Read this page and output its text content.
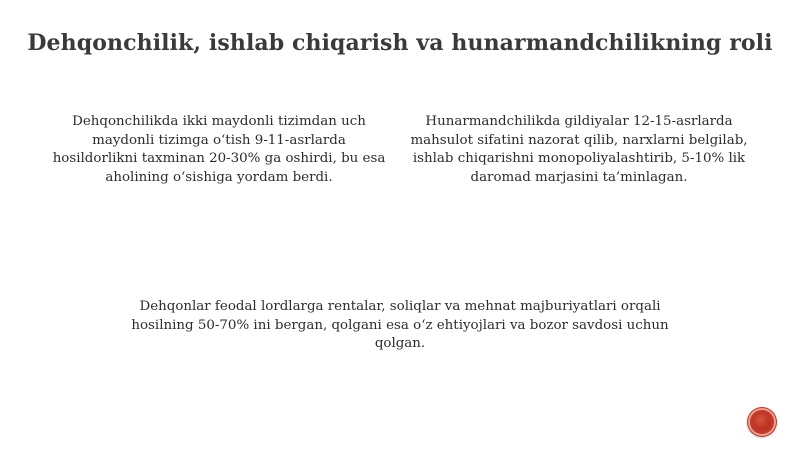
Dehqonchilik, ishlab chiqarish va hunarmandchilikning roli
Dehqonchilikda ikki maydonli tizimdan uch maydonli tizimga o‘tish 9-11-asrlarda hosildorlikni taxminan 20-30% ga oshirdi, bu esa aholining o‘sishiga yordam berdi.
Hunarmandchilikda gildiyalar 12-15-asrlarda mahsulot sifatini nazorat qilib, narxlarni belgilab, ishlab chiqarishni monopoliyalashtirib, 5-10% lik daromad marjasini ta’minlagan.
Dehqonlar feodal lordlarga rentalar, soliqlar va mehnat majburiyatlari orqali hosilning 50-70% ini bergan, qolgani esa o‘z ehtiyojlari va bozor savdosi uchun qolgan.
